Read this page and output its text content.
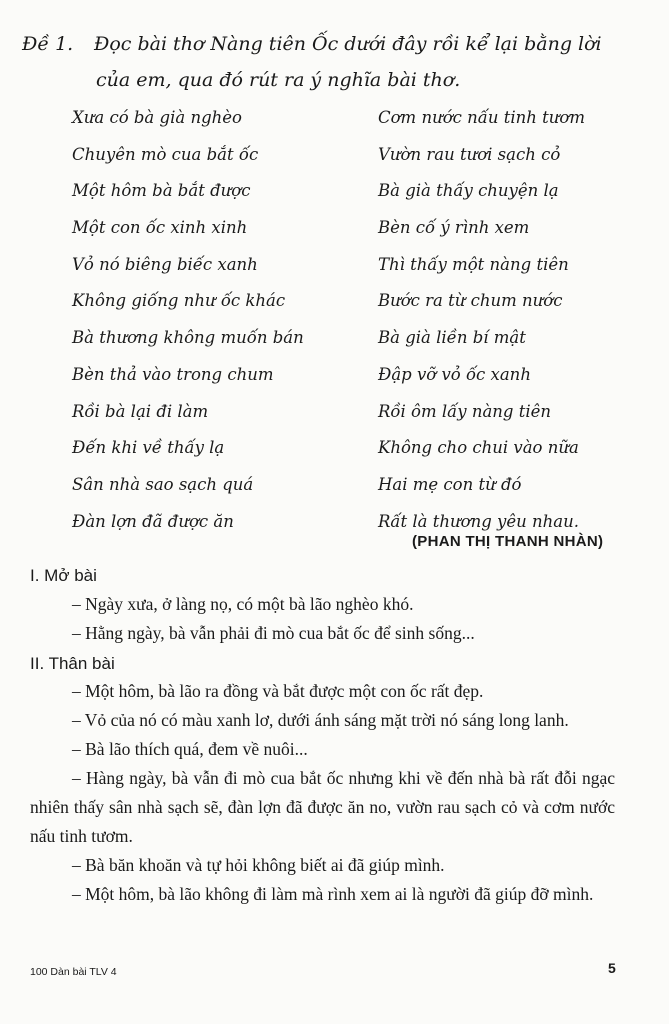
Đề 1. Đọc bài thơ Nàng tiên Ốc dưới đây rồi kể lại bằng lời
của em, qua đó rút ra ý nghĩa bài thơ.
Xưa có bà già nghèo
Chuyên mò cua bắt ốc
Một hôm bà bắt được
Một con ốc xinh xinh
Vỏ nó biêng biếc xanh
Không giống như ốc khác
Bà thương không muốn bán
Bèn thả vào trong chum
Rồi bà lại đi làm
Đến khi về thấy lạ
Sân nhà sao sạch quá
Đàn lợn đã được ăn
Cơm nước nấu tinh tươm
Vườn rau tươi sạch cỏ
Bà già thấy chuyện lạ
Bèn cố ý rình xem
Thì thấy một nàng tiên
Bước ra từ chum nước
Bà già liền bí mật
Đập vỡ vỏ ốc xanh
Rồi ôm lấy nàng tiên
Không cho chui vào nữa
Hai mẹ con từ đó
Rất là thương yêu nhau.
(PHAN THỊ THANH NHÀN)
I. Mở bài

– Ngày xưa, ở làng nọ, có một bà lão nghèo khó.

– Hằng ngày, bà vẫn phải đi mò cua bắt ốc để sinh sống...

II. Thân bài

– Một hôm, bà lão ra đồng và bắt được một con ốc rất đẹp.

– Vỏ của nó có màu xanh lơ, dưới ánh sáng mặt trời nó sáng long lanh.

– Bà lão thích quá, đem về nuôi...

– Hàng ngày, bà vẫn đi mò cua bắt ốc nhưng khi về đến nhà bà rất đỗi ngạc nhiên thấy sân nhà sạch sẽ, đàn lợn đã được ăn no, vườn rau sạch cỏ và cơm nước nấu tinh tươm.

– Bà băn khoăn và tự hỏi không biết ai đã giúp mình.

– Một hôm, bà lão không đi làm mà rình xem ai là người đã giúp đỡ mình.

100 Dàn bài TLV 4	5
